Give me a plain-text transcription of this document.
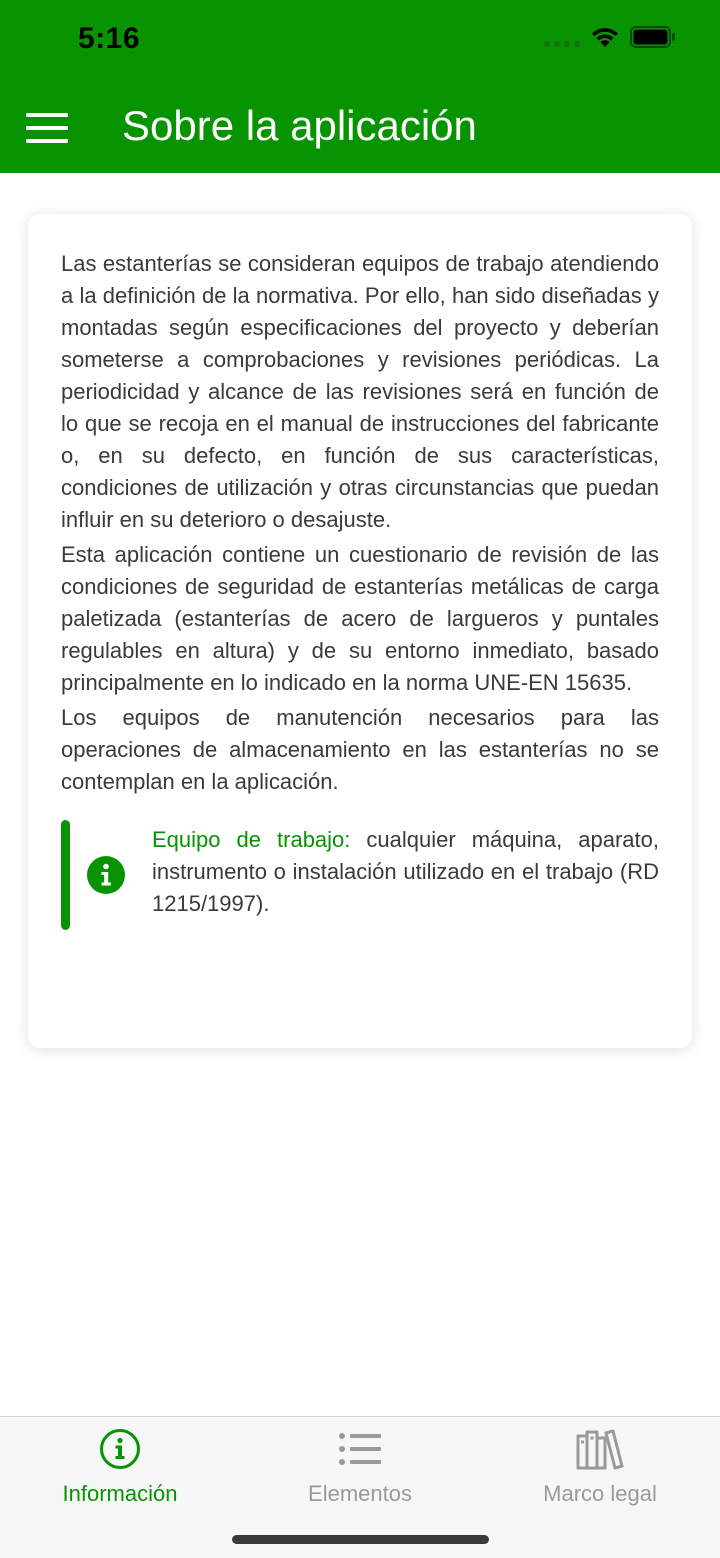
5:16
Sobre la aplicación

Las estanterías se consideran equipos de trabajo atendiendo a la definición de la normativa. Por ello, han sido diseñadas y montadas según especificaciones del proyecto y deberían someterse a comprobaciones y revisiones periódicas. La periodicidad y alcance de las revisiones será en función de lo que se recoja en el manual de instrucciones del fabricante o, en su defecto, en función de sus características, condiciones de utilización y otras circunstancias que puedan influir en su deterioro o desajuste.

Esta aplicación contiene un cuestionario de revisión de las condiciones de seguridad de estanterías metálicas de carga paletizada (estanterías de acero de largueros y puntales regulables en altura) y de su entorno inmediato, basado principalmente en lo indicado en la norma UNE-EN 15635.

Los equipos de manutención necesarios para las operaciones de almacenamiento en las estanterías no se contemplan en la aplicación.

Equipo de trabajo: cualquier máquina, aparato, instrumento o instalación utilizado en el trabajo (RD 1215/1997).
Información	Elementos	Marco legal
